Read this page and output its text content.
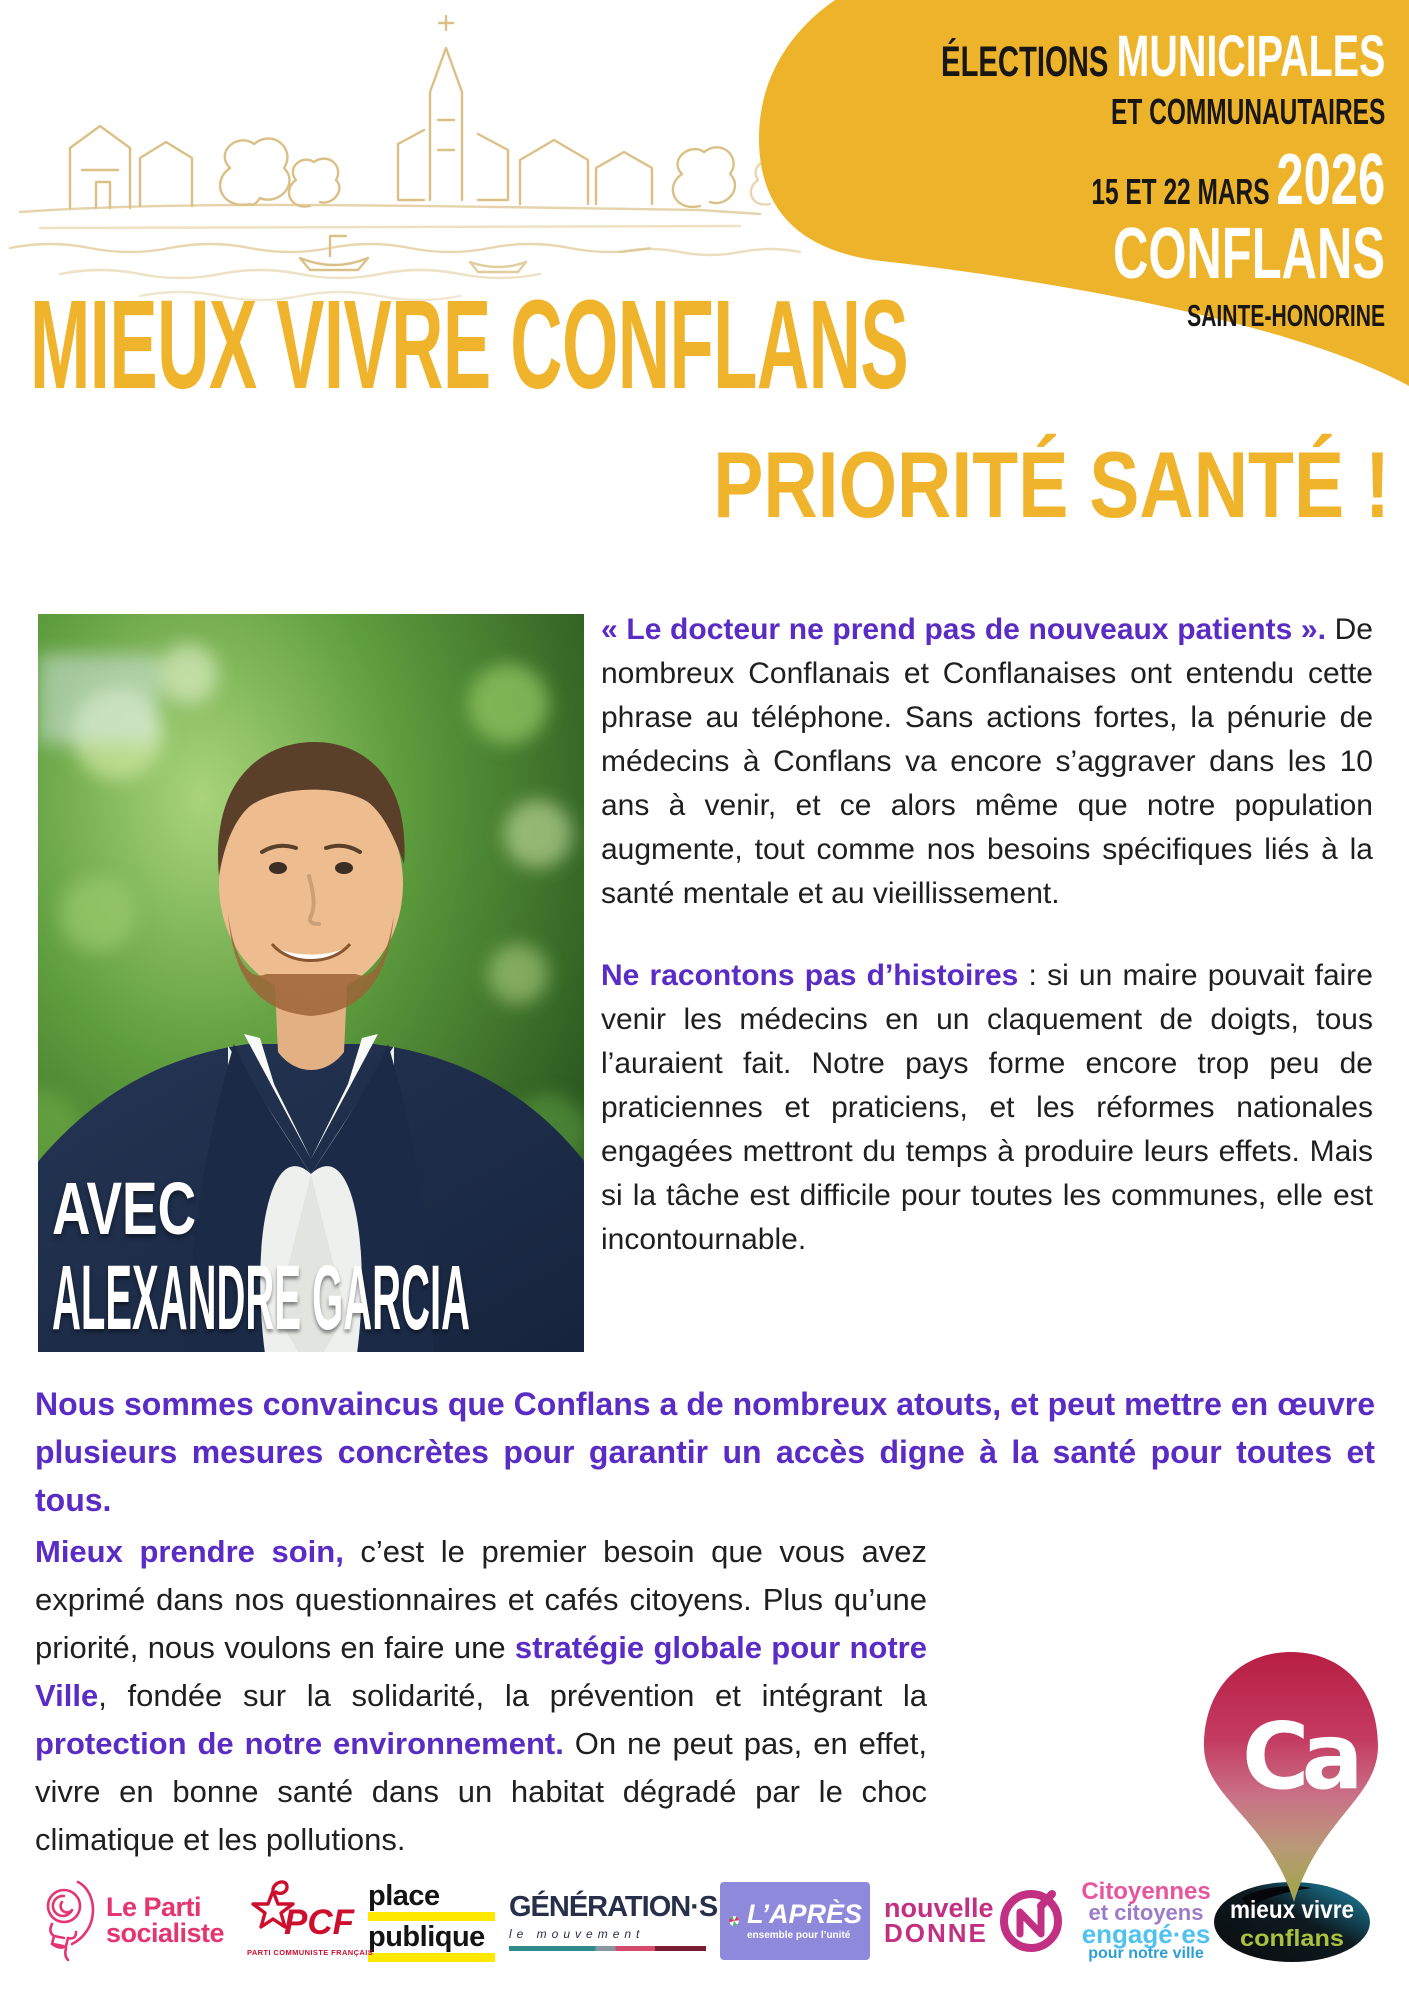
ÉLECTIONS MUNICIPALES
ET COMMUNAUTAIRES
15 ET 22 MARS 2026
CONFLANS
SAINTE-HONORINE
MIEUX VIVRE CONFLANS
PRIORITÉ SANTÉ !
AVEC
ALEXANDRE GARCIA

« Le docteur ne prend pas de nouveaux patients ». De nombreux Conflanais et Conflanaises ont entendu cette phrase au téléphone. Sans actions fortes, la pénurie de médecins à Conflans va encore s’aggraver dans les 10 ans à venir, et ce alors même que notre population augmente, tout comme nos besoins spécifiques liés à la santé mentale et au vieillissement.

Ne racontons pas d’histoires : si un maire pouvait faire venir les médecins en un claquement de doigts, tous l’auraient fait. Notre pays forme encore trop peu de praticiennes et praticiens, et les réformes nationales engagées mettront du temps à produire leurs effets. Mais si la tâche est difficile pour toutes les communes, elle est incontournable.

Nous sommes convaincus que Conflans a de nombreux atouts, et peut mettre en œuvre plusieurs mesures concrètes pour garantir un accès digne à la santé pour toutes et tous.

Mieux prendre soin, c’est le premier besoin que vous avez exprimé dans nos questionnaires et cafés citoyens. Plus qu’une priorité, nous voulons en faire une stratégie globale pour notre Ville, fondée sur la solidarité, la prévention et intégrant la protection de notre environnement. On ne peut pas, en effet, vivre en bonne santé dans un habitat dégradé par le choc climatique et les pollutions.

Le Parti
socialiste PCF
PARTI COMMUNISTE FRANÇAIS
place
publique
GÉNÉRATION·S
le mouvement
L’APRÈS
ensemble pour l’unité
nouvelle
DONNE
Citoyennes
et citoyens
engagé·es
pour notre ville
mieux vivre
conflans
Ca
